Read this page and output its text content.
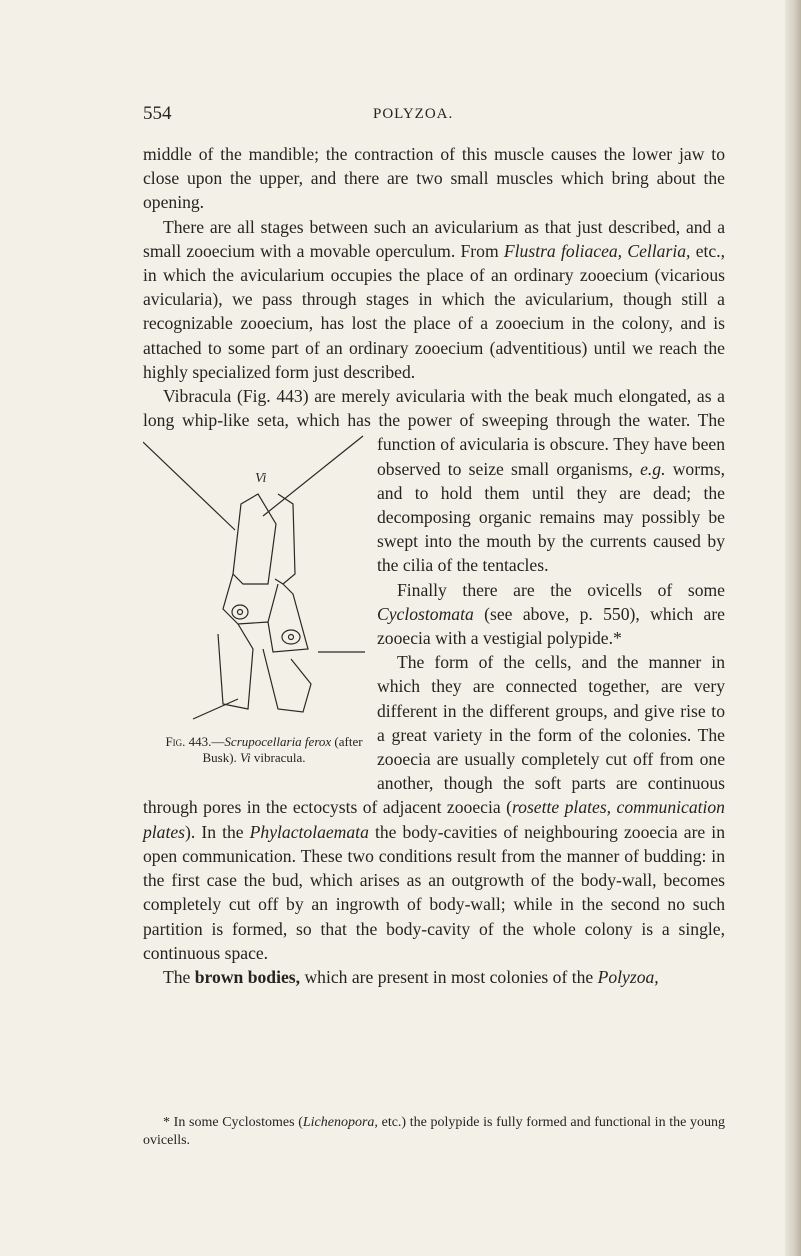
554	POLYZOA.

middle of the mandible; the contraction of this muscle causes the lower jaw to close upon the upper, and there are two small muscles which bring about the opening.

There are all stages between such an avicularium as that just described, and a small zooecium with a movable operculum. From Flustra foliacea, Cellaria, etc., in which the avicularium occupies the place of an ordinary zooecium (vicarious avicularia), we pass through stages in which the avicularium, though still a recognizable zooecium, has lost the place of a zooecium in the colony, and is attached to some part of an ordinary zooecium (adventitious) until we reach the highly specialized form just described.

Vibracula (Fig. 443) are merely avicularia with the beak much elongated, as a long whip-like seta, which has the power of sweeping
Vi
Fig. 443.—Scrupocellaria ferox (after Busk). Vi vibracula.
through the water. The function of avicularia is obscure. They have been observed to seize small organisms, e.g. worms, and to hold them until they are dead; the decomposing organic remains may possibly be swept into the mouth by the currents caused by the cilia of the tentacles.

Finally there are the ovicells of some Cyclostomata (see above, p. 550), which are zooecia with a vestigial polypide.*

The form of the cells, and the manner in which they are connected together, are very different in the different groups, and give rise to a great variety in the form of the colonies. The zooecia are usually completely cut off from one another, though the soft parts are continuous through pores in the ectocysts of adjacent zooecia (rosette plates, communication plates). In the Phylactolaemata the body-cavities of neighbouring zooecia are in open communication. These two conditions result from the manner of budding: in the first case the bud, which arises as an outgrowth of the body-wall, becomes completely cut off by an ingrowth of body-wall; while in the second no such partition is formed, so that the body-cavity of the whole colony is a single, continuous space.

The brown bodies, which are present in most colonies of the Polyzoa,

* In some Cyclostomes (Lichenopora, etc.) the polypide is fully formed and functional in the young ovicells.
